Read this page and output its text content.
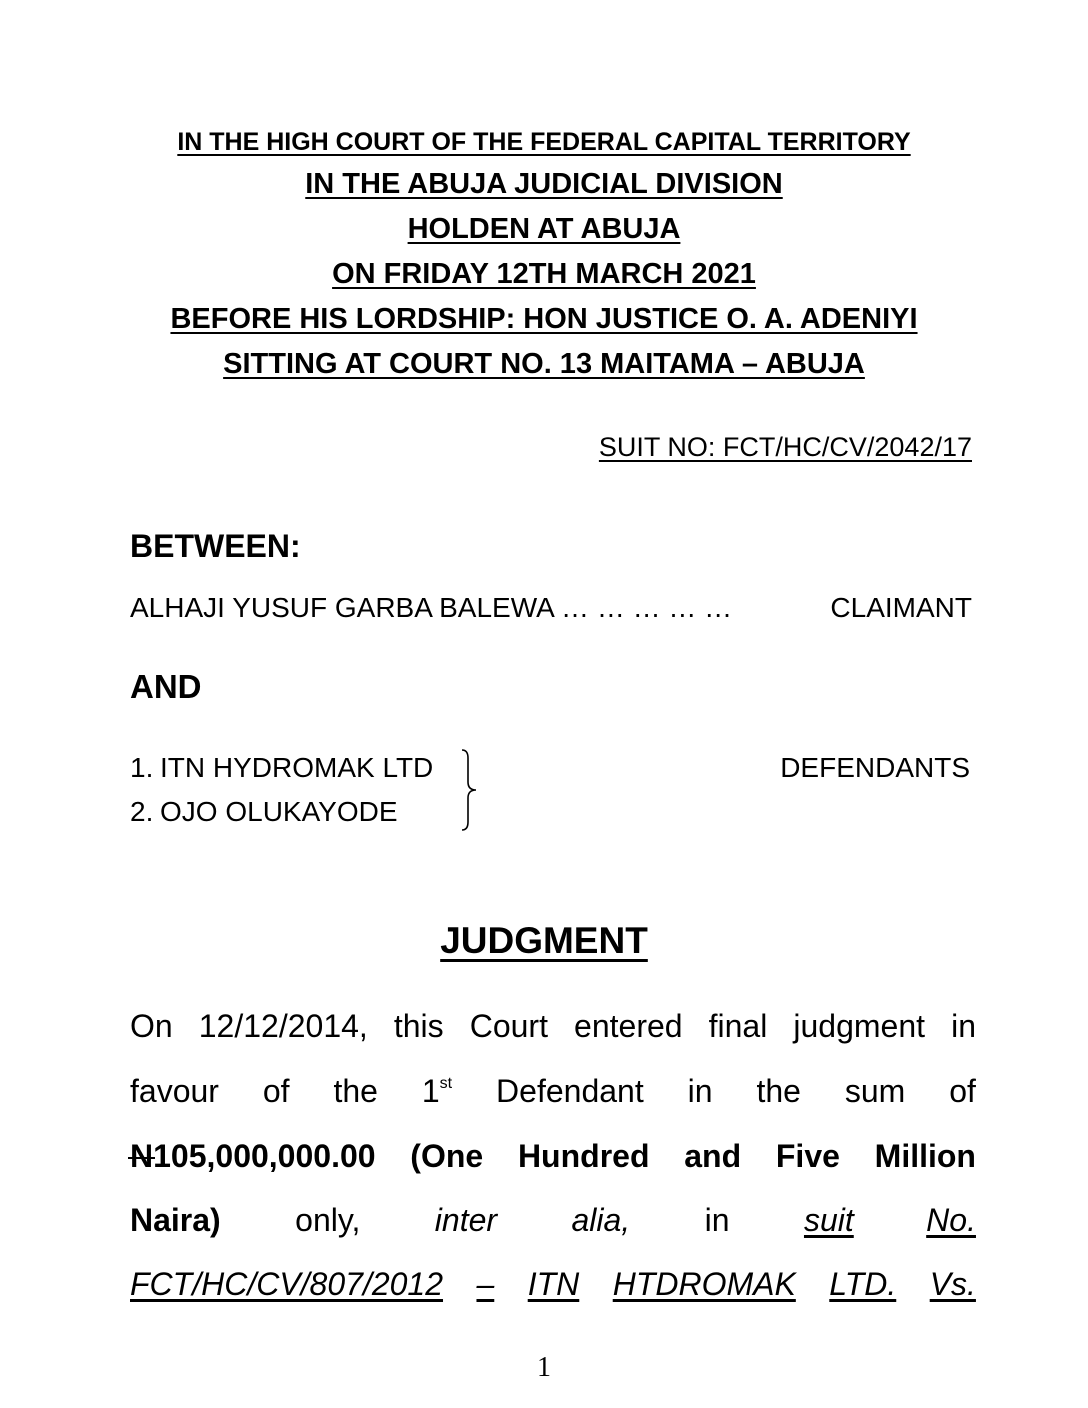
IN THE HIGH COURT OF THE FEDERAL CAPITAL TERRITORY
IN THE ABUJA JUDICIAL DIVISION
HOLDEN AT ABUJA
ON FRIDAY 12TH MARCH 2021
BEFORE HIS LORDSHIP: HON JUSTICE O. A. ADENIYI
SITTING AT COURT NO. 13 MAITAMA – ABUJA
SUIT NO: FCT/HC/CV/2042/17
BETWEEN:
ALHAJI YUSUF GARBA BALEWA … … … … …	CLAIMANT
AND
1. ITN HYDROMAK LTD
2. OJO OLUKAYODE
DEFENDANTS
JUDGMENT
On 12/12/2014, this Court entered final judgment in
favour of the 1st Defendant in the sum of
N105,000,000.00 (One Hundred and Five Million
Naira) only, inter alia, in suit No.
FCT/HC/CV/807/2012 – ITN HTDROMAK LTD. Vs.
1
